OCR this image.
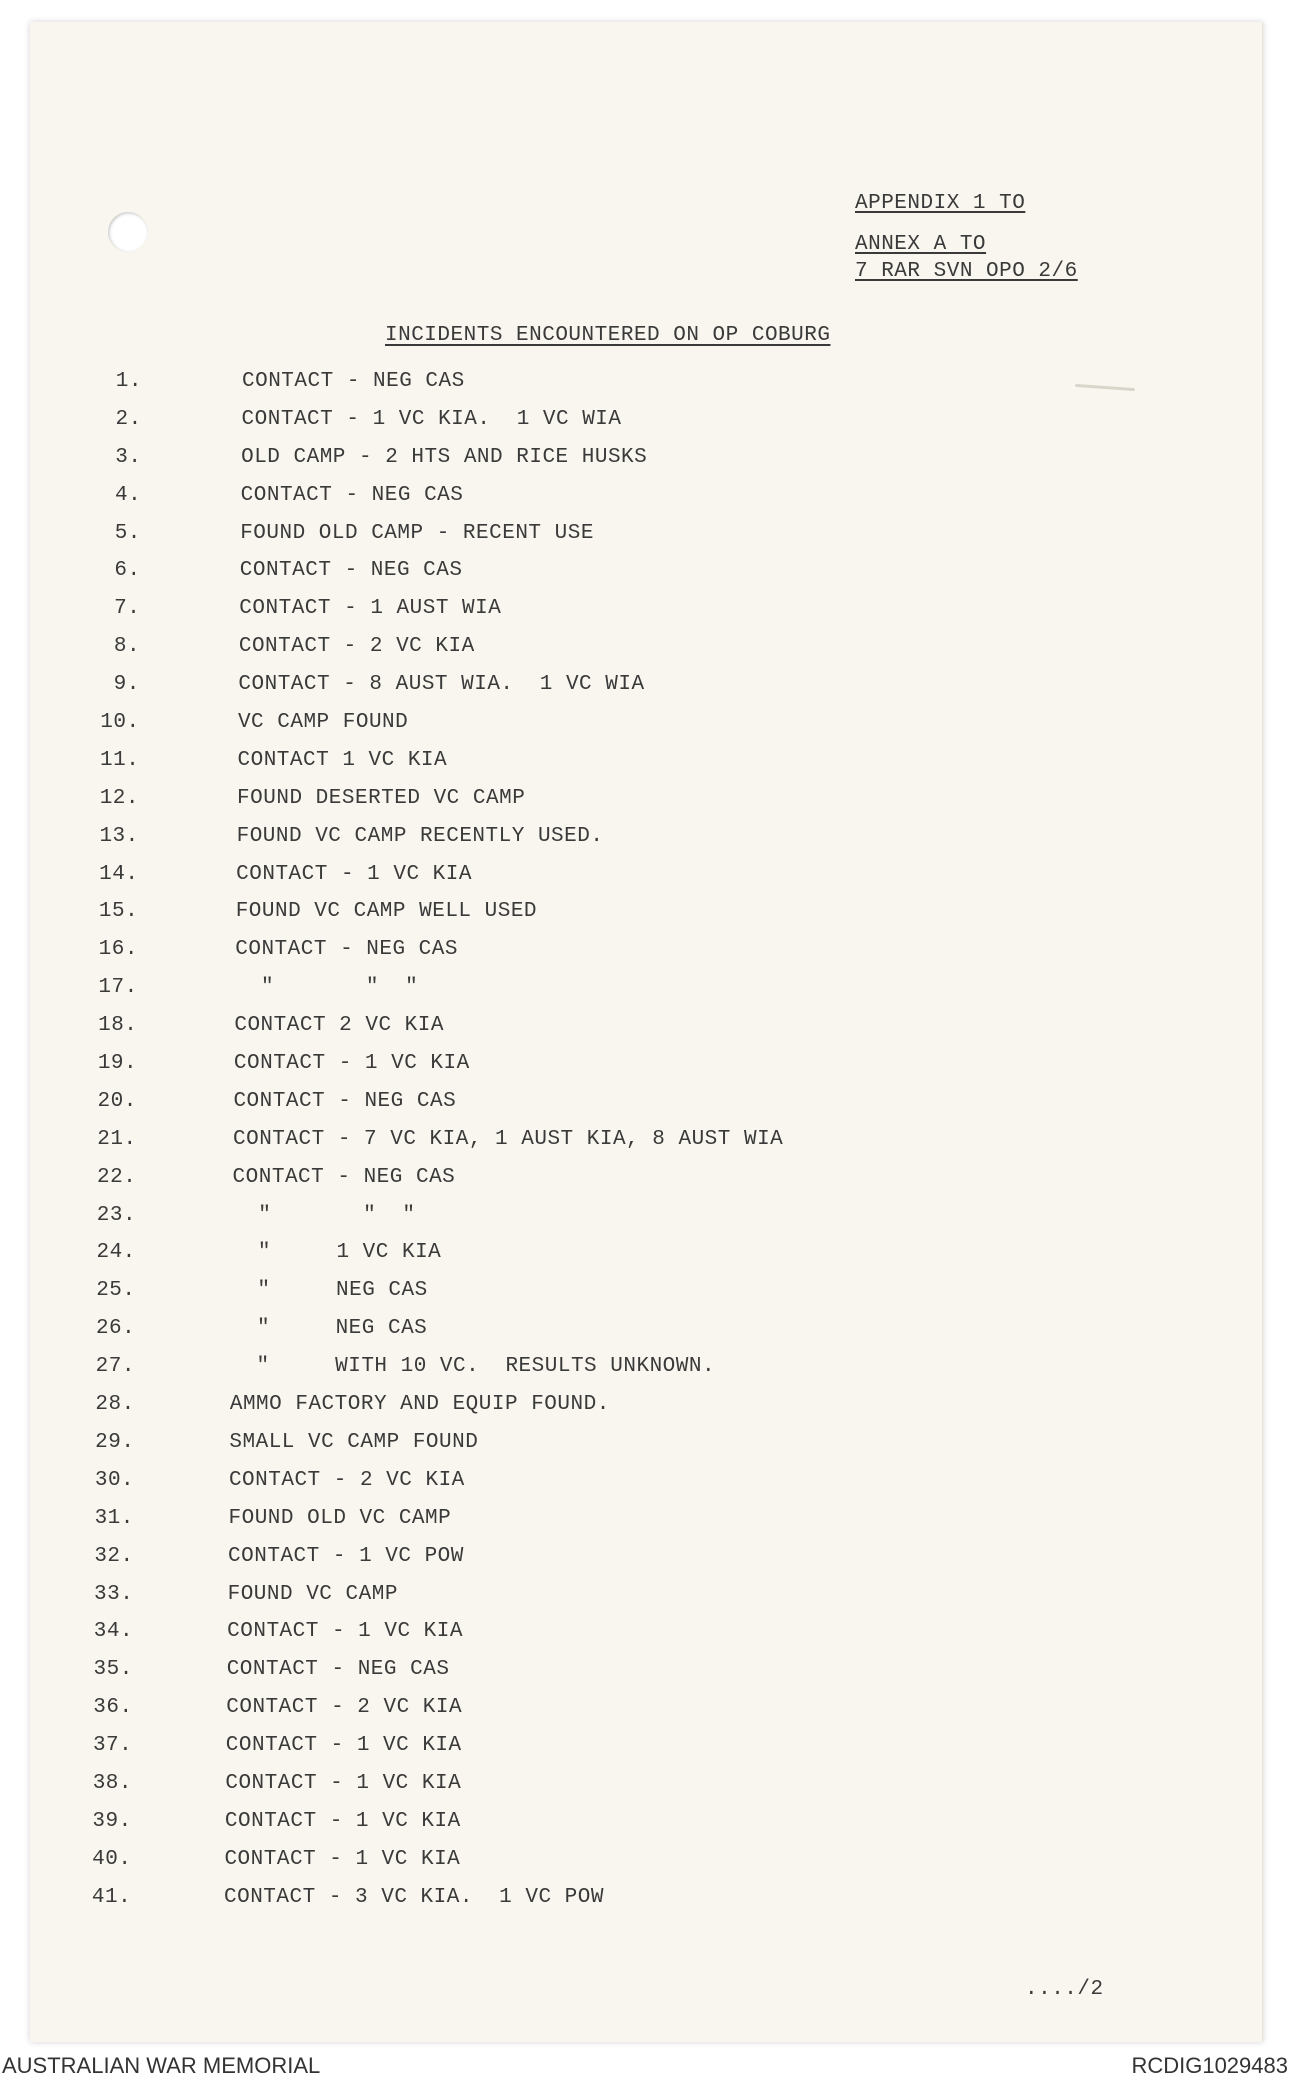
APPENDIX 1 TO
ANNEX A TO
7 RAR SVN OPO 2/6
INCIDENTS ENCOUNTERED ON OP COBURG
1.	CONTACT - NEG CAS
2.	CONTACT - 1 VC KIA.  1 VC WIA
3.	OLD CAMP - 2 HTS AND RICE HUSKS
4.	CONTACT - NEG CAS
5.	FOUND OLD CAMP - RECENT USE
6.	CONTACT - NEG CAS
7.	CONTACT - 1 AUST WIA
8.	CONTACT - 2 VC KIA
9.	CONTACT - 8 AUST WIA.  1 VC WIA
10.	VC CAMP FOUND
11.	CONTACT 1 VC KIA
12.	FOUND DESERTED VC CAMP
13.	FOUND VC CAMP RECENTLY USED.
14.	CONTACT - 1 VC KIA
15.	FOUND VC CAMP WELL USED
16.	CONTACT - NEG CAS
17.	"       "  "
18.	CONTACT 2 VC KIA
19.	CONTACT - 1 VC KIA
20.	CONTACT - NEG CAS
21.	CONTACT - 7 VC KIA, 1 AUST KIA, 8 AUST WIA
22.	CONTACT - NEG CAS
23.	"       "  "
24.	"     1 VC KIA
25.	"     NEG CAS
26.	"     NEG CAS
27.	"     WITH 10 VC.  RESULTS UNKNOWN.
28.	AMMO FACTORY AND EQUIP FOUND.
29.	SMALL VC CAMP FOUND
30.	CONTACT - 2 VC KIA
31.	FOUND OLD VC CAMP
32.	CONTACT - 1 VC POW
33.	FOUND VC CAMP
34.	CONTACT - 1 VC KIA
35.	CONTACT - NEG CAS
36.	CONTACT - 2 VC KIA
37.	CONTACT - 1 VC KIA
38.	CONTACT - 1 VC KIA
39.	CONTACT - 1 VC KIA
40.	CONTACT - 1 VC KIA
41.	CONTACT - 3 VC KIA.  1 VC POW
..../2
AUSTRALIAN WAR MEMORIAL	RCDIG1029483
